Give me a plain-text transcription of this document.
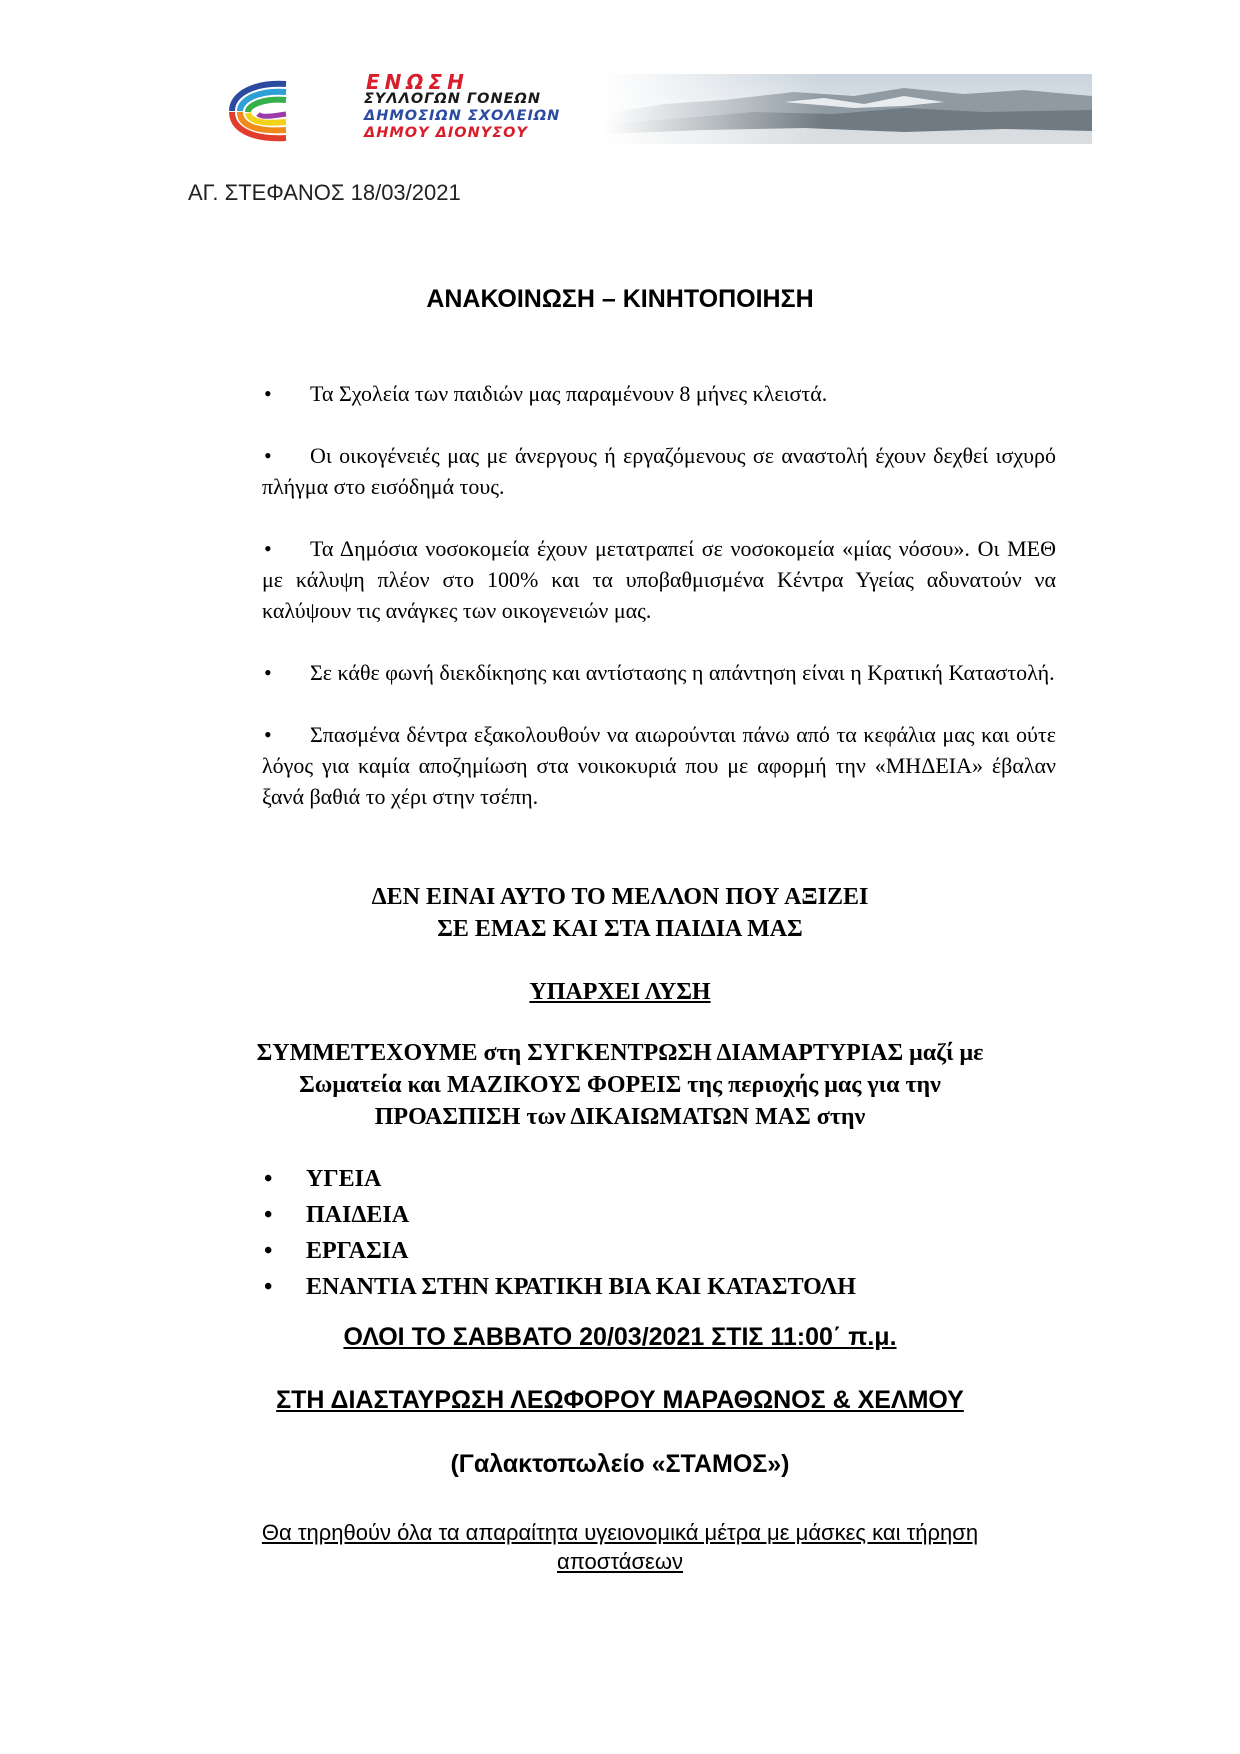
ΕΝΩΣΗ
ΣΥΛΛΟΓΩΝ ΓΟΝΕΩΝ
ΔΗΜΟΣΙΩΝ ΣΧΟΛΕΙΩΝ
ΔΗΜΟΥ ΔΙΟΝΥΣΟΥ
ΑΓ. ΣΤΕΦΑΝΟΣ 18/03/2021
ΑΝΑΚΟΙΝΩΣΗ – ΚΙΝΗΤΟΠΟΙΗΣΗ
• Τα Σχολεία των παιδιών μας παραμένουν 8 μήνες κλειστά.
• Οι οικογένειές μας με άνεργους ή εργαζόμενους σε αναστολή έχουν δεχθεί ισχυρό πλήγμα στο εισόδημά τους.
• Τα Δημόσια νοσοκομεία έχουν μετατραπεί σε νοσοκομεία «μίας νόσου». Οι ΜΕΘ με κάλυψη πλέον στο 100% και τα υποβαθμισμένα Κέντρα Υγείας αδυνατούν να καλύψουν τις ανάγκες των οικογενειών μας.
• Σε κάθε φωνή διεκδίκησης και αντίστασης η απάντηση είναι η Κρατική Καταστολή.
• Σπασμένα δέντρα εξακολουθούν να αιωρούνται πάνω από τα κεφάλια μας και ούτε λόγος για καμία αποζημίωση στα νοικοκυριά που με αφορμή την «ΜΗΔΕΙΑ» έβαλαν ξανά βαθιά το χέρι στην τσέπη.
ΔΕΝ ΕΙΝΑΙ ΑΥΤΟ ΤΟ ΜΕΛΛΟΝ ΠΟΥ ΑΞΙΖΕΙ
ΣΕ ΕΜΑΣ ΚΑΙ ΣΤΑ ΠΑΙΔΙΑ ΜΑΣ
ΥΠΑΡΧΕΙ ΛΥΣΗ
ΣΥΜΜΕΤΈΧΟΥΜΕ στη ΣΥΓΚΕΝΤΡΩΣΗ ΔΙΑΜΑΡΤΥΡΙΑΣ μαζί με
Σωματεία και ΜΑΖΙΚΟΥΣ ΦΟΡΕΙΣ της περιοχής μας για την
ΠΡΟΑΣΠΙΣΗ των ΔΙΚΑΙΩΜΑΤΩΝ ΜΑΣ στην
• ΥΓΕΙΑ
• ΠΑΙΔΕΙΑ
• ΕΡΓΑΣΙΑ
• ΕΝΑΝΤΙΑ ΣΤΗΝ ΚΡΑΤΙΚΗ ΒΙΑ ΚΑΙ ΚΑΤΑΣΤΟΛΗ
ΟΛΟΙ ΤΟ ΣΑΒΒΑΤΟ 20/03/2021 ΣΤΙΣ 11:00΄ π.μ.
ΣΤΗ ΔΙΑΣΤΑΥΡΩΣΗ ΛΕΩΦΟΡΟΥ ΜΑΡΑΘΩΝΟΣ & ΧΕΛΜΟΥ
(Γαλακτοπωλείο «ΣΤΑΜΟΣ»)
Θα τηρηθούν όλα τα απαραίτητα υγειονομικά μέτρα με μάσκες και τήρηση
αποστάσεων
